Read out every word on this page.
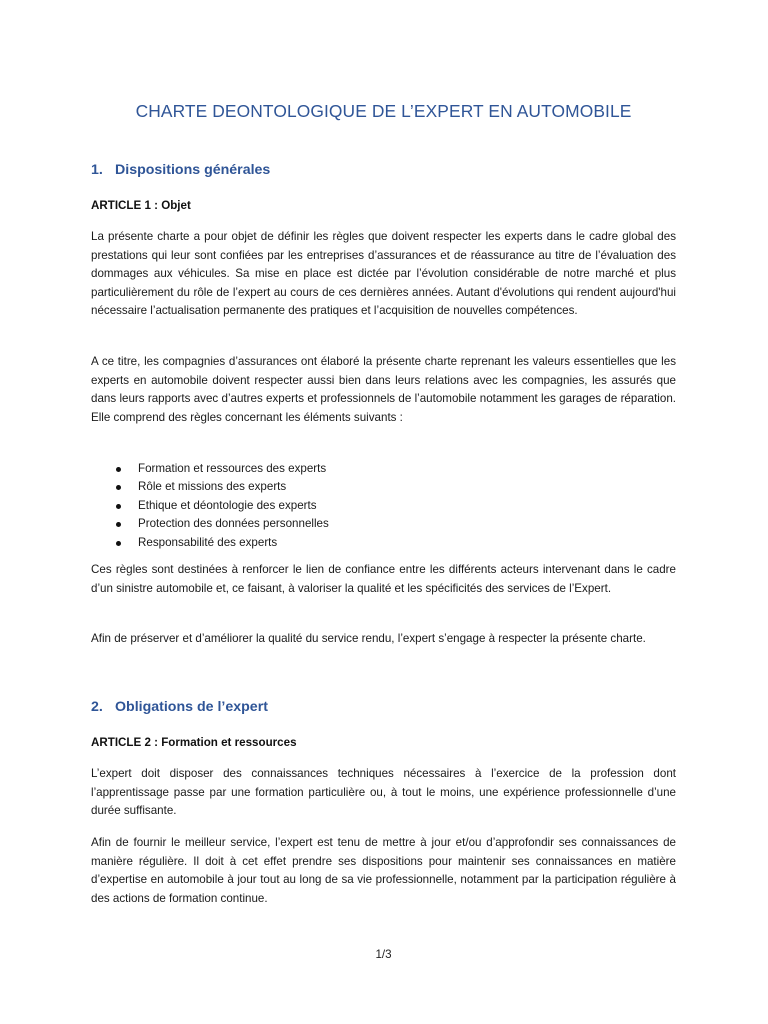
CHARTE DEONTOLOGIQUE DE L’EXPERT EN AUTOMOBILE
1. Dispositions générales

ARTICLE 1 : Objet

La présente charte a pour objet de définir les règles que doivent respecter les experts dans le cadre global des prestations qui leur sont confiées par les entreprises d’assurances et de réassurance au titre de l’évaluation des dommages aux véhicules. Sa mise en place est dictée par l’évolution considérable de notre marché et plus particulièrement du rôle de l’expert au cours de ces dernières années. Autant d'évolutions qui rendent aujourd'hui nécessaire l’actualisation permanente des pratiques et l’acquisition de nouvelles compétences.

A ce titre, les compagnies d’assurances ont élaboré la présente charte reprenant les valeurs essentielles que les experts en automobile doivent respecter aussi bien dans leurs relations avec les compagnies, les assurés que dans leurs rapports avec d’autres experts et professionnels de l’automobile notamment les garages de réparation. Elle comprend des règles concernant les éléments suivants :

Formation et ressources des experts
Rôle et missions des experts
Ethique et déontologie des experts
Protection des données personnelles
Responsabilité des experts

Ces règles sont destinées à renforcer le lien de confiance entre les différents acteurs intervenant dans le cadre d’un sinistre automobile et, ce faisant, à valoriser la qualité et les spécificités des services de l’Expert.

Afin de préserver et d’améliorer la qualité du service rendu, l’expert s’engage à respecter la présente charte.

2. Obligations de l’expert

ARTICLE 2 : Formation et ressources

L’expert doit disposer des connaissances techniques nécessaires à l’exercice de la profession dont l’apprentissage passe par une formation particulière ou, à tout le moins, une expérience professionnelle d’une durée suffisante.

Afin de fournir le meilleur service, l’expert est tenu de mettre à jour et/ou d’approfondir ses connaissances de manière régulière. Il doit à cet effet prendre ses dispositions pour maintenir ses connaissances en matière d’expertise en automobile à jour tout au long de sa vie professionnelle, notamment par la participation régulière à des actions de formation continue.

1/3
